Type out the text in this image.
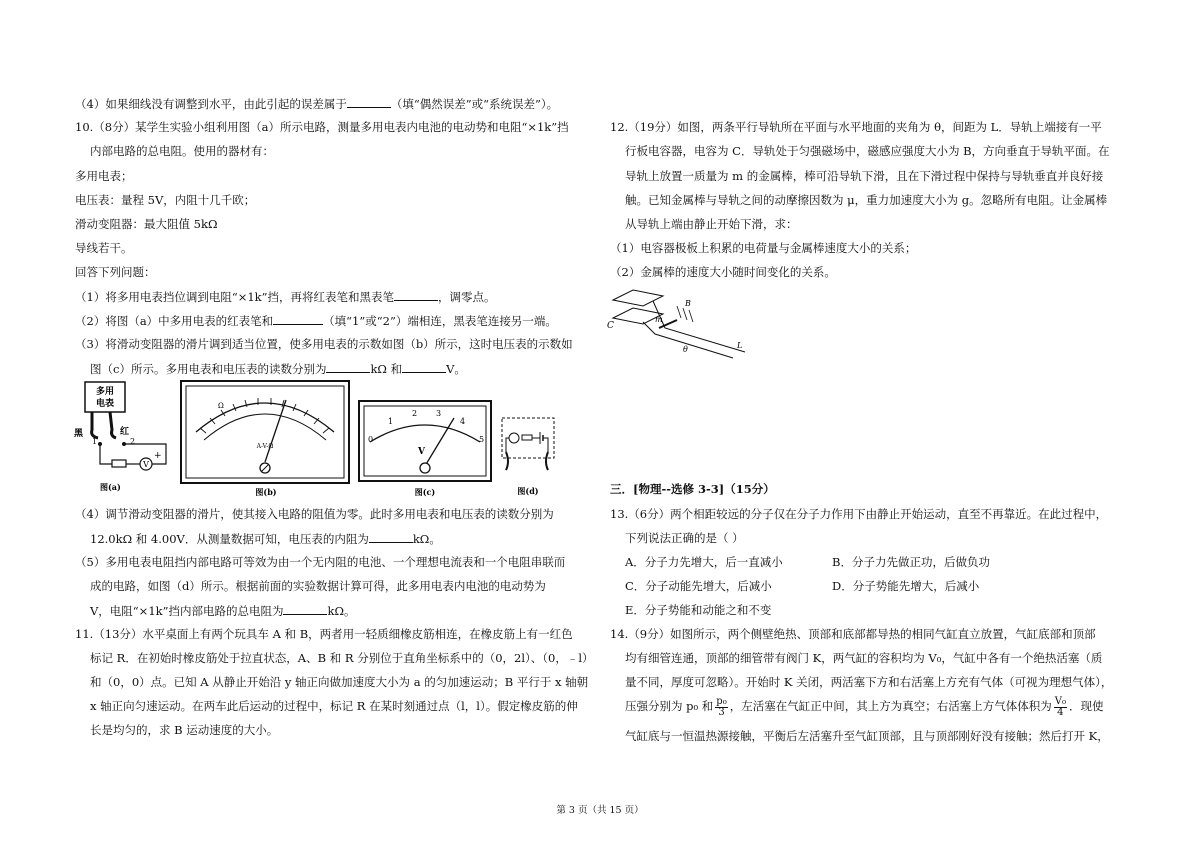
（4）如果细线没有调整到水平，由此引起的误差属于	（填“偶然误差”或“系统误差”）。
10.（8分）某学生实验小组利用图（a）所示电路，测量多用电表内电池的电动势和电阻“×1k”挡
内部电路的总电阻。使用的器材有：
多用电表；
电压表：量程 5V，内阻十几千欧；
滑动变阻器：最大阻值 5kΩ
导线若干。
回答下列问题：
（1）将多用电表挡位调到电阻“×1k”挡，再将红表笔和黑表笔	，调零点。
（2）将图（a）中多用电表的红表笔和	（填“1”或“2”）端相连，黑表笔连接另一端。
（3）将滑动变阻器的滑片调到适当位置，使多用电表的示数如图（b）所示，这时电压表的示数如
图（c）所示。多用电表和电压表的读数分别为	kΩ 和	V。
（4）调节滑动变阻器的滑片，使其接入电路的阻值为零。此时多用电表和电压表的读数分别为
12.0kΩ 和 4.00V．从测量数据可知，电压表的内阻为	kΩ。
（5）多用电表电阻挡内部电路可等效为由一个无内阻的电池、一个理想电流表和一个电阻串联而
成的电路，如图（d）所示。根据前面的实验数据计算可得，此多用电表内电池的电动势为
V，电阻“×1k”挡内部电路的总电阻为	kΩ。
11.（13分）水平桌面上有两个玩具车 A 和 B，两者用一轻质细橡皮筋相连，在橡皮筋上有一红色
标记 R．在初始时橡皮筋处于拉直状态，A、B 和 R 分别位于直角坐标系中的（0，2l）、（0，﹣l）
和（0，0）点。已知 A 从静止开始沿 y 轴正向做加速度大小为 a 的匀加速运动；B 平行于 x 轴朝
x 轴正向匀速运动。在两车此后运动的过程中，标记 R 在某时刻通过点（l，l）。假定橡皮筋的伸
长是均匀的，求 B 运动速度的大小。
多用
电表
黑	红
1	2
V
+
图(a)
Ω
A-V-Ω
图(b)
0
1
2 3
4
5
V
图(c)	图(d)
12.（19分）如图，两条平行导轨所在平面与水平地面的夹角为 θ，间距为 L．导轨上端接有一平
行板电容器，电容为 C．导轨处于匀强磁场中，磁感应强度大小为 B，方向垂直于导轨平面。在
导轨上放置一质量为 m 的金属棒，棒可沿导轨下滑，且在下滑过程中保持与导轨垂直并良好接
触。已知金属棒与导轨之间的动摩擦因数为 μ，重力加速度大小为 g。忽略所有电阻。让金属棒
从导轨上端由静止开始下滑，求：
（1）电容器极板上积累的电荷量与金属棒速度大小的关系；
（2）金属棒的速度大小随时间变化的关系。
三．[物理--选修 3-3]（15分）
13.（6分）两个相距较远的分子仅在分子力作用下由静止开始运动，直至不再靠近。在此过程中，
下列说法正确的是（ ）
A．分子力先增大，后一直减小	B．分子力先做正功，后做负功
C．分子动能先增大，后减小	D．分子势能先增大，后减小
E．分子势能和动能之和不变
14.（9分）如图所示，两个侧壁绝热、顶部和底部都导热的相同气缸直立放置，气缸底部和顶部
均有细管连通，顶部的细管带有阀门 K，两气缸的容积均为 V₀，气缸中各有一个绝热活塞（质
量不同，厚度可忽略）。开始时 K 关闭，两活塞下方和右活塞上方充有气体（可视为理想气体），
压强分别为 p₀ 和 $\frac{\text{p₀}}{3}$ ，左活塞在气缸正中间，其上方为真空；右活塞上方气体体积为 $\frac{\text{V₀}}{4}$ ．现使
气缸底与一恒温热源接触，平衡后左活塞升至气缸顶部，且与顶部刚好没有接触；然后打开 K，
C
m
B
L
θ
第 3 页（共 15 页）
